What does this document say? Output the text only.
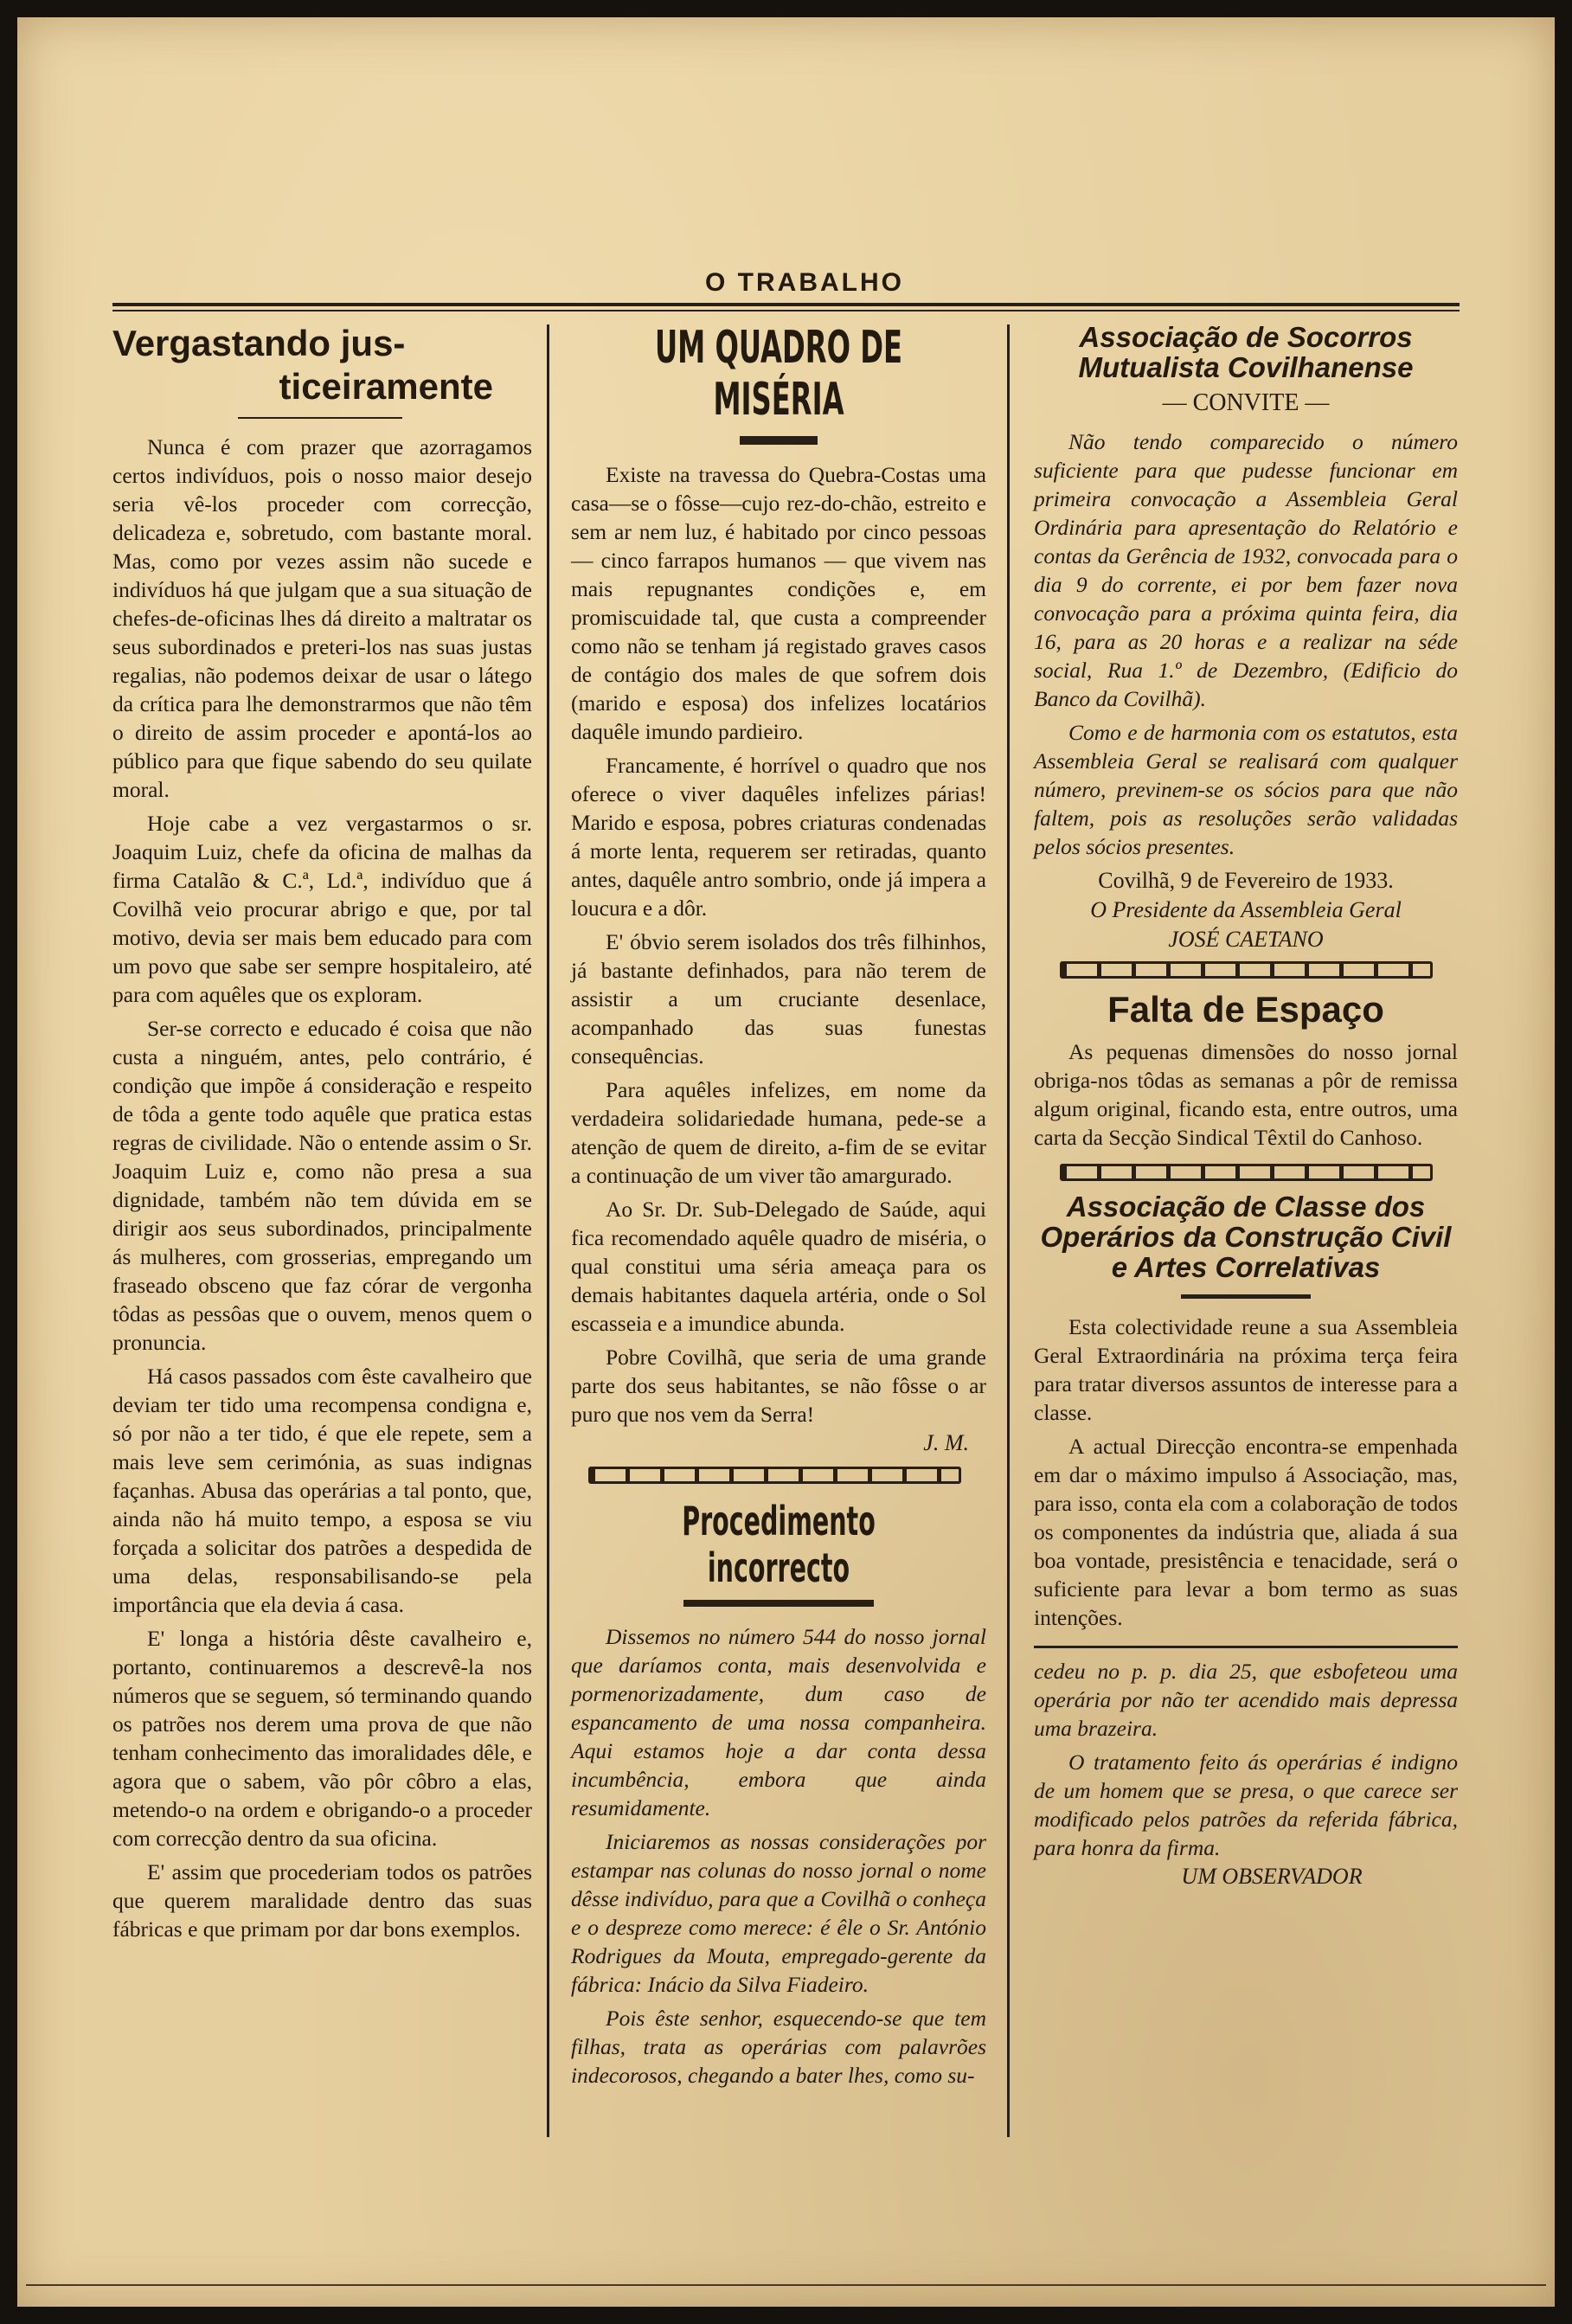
O TRABALHO
Vergastando jus-
ticeiramente

Nunca é com prazer que azorragamos certos indivíduos, pois o nosso maior desejo seria vê-los proceder com correcção, delicadeza e, sobretudo, com bastante moral. Mas, como por vezes assim não sucede e indivíduos há que julgam que a sua situação de chefes-de-oficinas lhes dá direito a maltratar os seus subordinados e preteri-los nas suas justas regalias, não podemos deixar de usar o látego da crítica para lhe demonstrarmos que não têm o direito de assim proceder e apontá-los ao público para que fique sabendo do seu quilate moral.

Hoje cabe a vez vergastarmos o sr. Joaquim Luiz, chefe da oficina de malhas da firma Catalão & C.ª, Ld.ª, indivíduo que á Covilhã veio procurar abrigo e que, por tal motivo, devia ser mais bem educado para com um povo que sabe ser sempre hospitaleiro, até para com aquêles que os exploram.

Ser-se correcto e educado é coisa que não custa a ninguém, antes, pelo contrário, é condição que impõe á consideração e respeito de tôda a gente todo aquêle que pratica estas regras de civilidade. Não o entende assim o Sr. Joaquim Luiz e, como não presa a sua dignidade, também não tem dúvida em se dirigir aos seus subordinados, principalmente ás mulheres, com grosserias, empregando um fraseado obsceno que faz córar de vergonha tôdas as pessôas que o ouvem, menos quem o pronuncia.

Há casos passados com êste cavalheiro que deviam ter tido uma recompensa condigna e, só por não a ter tido, é que ele repete, sem a mais leve sem cerimónia, as suas indignas façanhas. Abusa das operárias a tal ponto, que, ainda não há muito tempo, a esposa se viu forçada a solicitar dos patrões a despedida de uma delas, responsabilisando-se pela importância que ela devia á casa.

E' longa a história dêste cavalheiro e, portanto, continuaremos a descrevê-la nos números que se seguem, só terminando quando os patrões nos derem uma prova de que não tenham conhecimento das imoralidades dêle, e agora que o sabem, vão pôr côbro a elas, metendo-o na ordem e obrigando-o a proceder com correcção dentro da sua oficina.

E' assim que procederiam todos os patrões que querem maralidade dentro das suas fábricas e que primam por dar bons exemplos.

UM QUADRO DE MISÉRIA

Existe na travessa do Quebra-Costas uma casa—se o fôsse—cujo rez-do-chão, estreito e sem ar nem luz, é habitado por cinco pessoas — cinco farrapos humanos — que vivem nas mais repugnantes condições e, em promiscuidade tal, que custa a compreender como não se tenham já registado graves casos de contágio dos males de que sofrem dois (marido e esposa) dos infelizes locatários daquêle imundo pardieiro.

Francamente, é horrível o quadro que nos oferece o viver daquêles infelizes párias! Marido e esposa, pobres criaturas condenadas á morte lenta, requerem ser retiradas, quanto antes, daquêle antro sombrio, onde já impera a loucura e a dôr.

E' óbvio serem isolados dos três filhinhos, já bastante definhados, para não terem de assistir a um cruciante desenlace, acompanhado das suas funestas consequências.

Para aquêles infelizes, em nome da verdadeira solidariedade humana, pede-se a atenção de quem de direito, a-fim de se evitar a continuação de um viver tão amargurado.

Ao Sr. Dr. Sub-Delegado de Saúde, aqui fica recomendado aquêle quadro de miséria, o qual constitui uma séria ameaça para os demais habitantes daquela artéria, onde o Sol escasseia e a imundice abunda.

Pobre Covilhã, que seria de uma grande parte dos seus habitantes, se não fôsse o ar puro que nos vem da Serra!

J. M.
Procedimento incorrecto

Dissemos no número 544 do nosso jornal que daríamos conta, mais desenvolvida e pormenorizadamente, dum caso de espancamento de uma nossa companheira. Aqui estamos hoje a dar conta dessa incumbência, embora que ainda resumidamente.

Iniciaremos as nossas considerações por estampar nas colunas do nosso jornal o nome dêsse indivíduo, para que a Covilhã o conheça e o despreze como merece: é êle o Sr. António Rodrigues da Mouta, empregado-gerente da fábrica: Inácio da Silva Fiadeiro.

Pois êste senhor, esquecendo-se que tem filhas, trata as operárias com palavrões indecorosos, chegando a bater lhes, como su-

Associação de Socorros Mutualista Covilhanense
— CONVITE —

Não tendo comparecido o número suficiente para que pudesse funcionar em primeira convocação a Assembleia Geral Ordinária para apresentação do Relatório e contas da Gerência de 1932, convocada para o dia 9 do corrente, ei por bem fazer nova convocação para a próxima quinta feira, dia 16, para as 20 horas e a realizar na séde social, Rua 1.º de Dezembro, (Edificio do Banco da Covilhã).

Como e de harmonia com os estatutos, esta Assembleia Geral se realisará com qualquer número, previnem-se os sócios para que não faltem, pois as resoluções serão validadas pelos sócios presentes.

Covilhã, 9 de Fevereiro de 1933.
O Presidente da Assembleia Geral
JOSÉ CAETANO
Falta de Espaço

As pequenas dimensões do nosso jornal obriga-nos tôdas as semanas a pôr de remissa algum original, ficando esta, entre outros, uma carta da Secção Sindical Têxtil do Canhoso.

Associação de Classe dos Operários da Construção Civil e Artes Correlativas

Esta colectividade reune a sua Assembleia Geral Extraordinária na próxima terça feira para tratar diversos assuntos de interesse para a classe.

A actual Direcção encontra-se empenhada em dar o máximo impulso á Associação, mas, para isso, conta ela com a colaboração de todos os componentes da indústria que, aliada á sua boa vontade, presistência e tenacidade, será o suficiente para levar a bom termo as suas intenções.

cedeu no p. p. dia 25, que esbofeteou uma operária por não ter acendido mais depressa uma brazeira.

O tratamento feito ás operárias é indigno de um homem que se presa, o que carece ser modificado pelos patrões da referida fábrica, para honra da firma.

UM OBSERVADOR
